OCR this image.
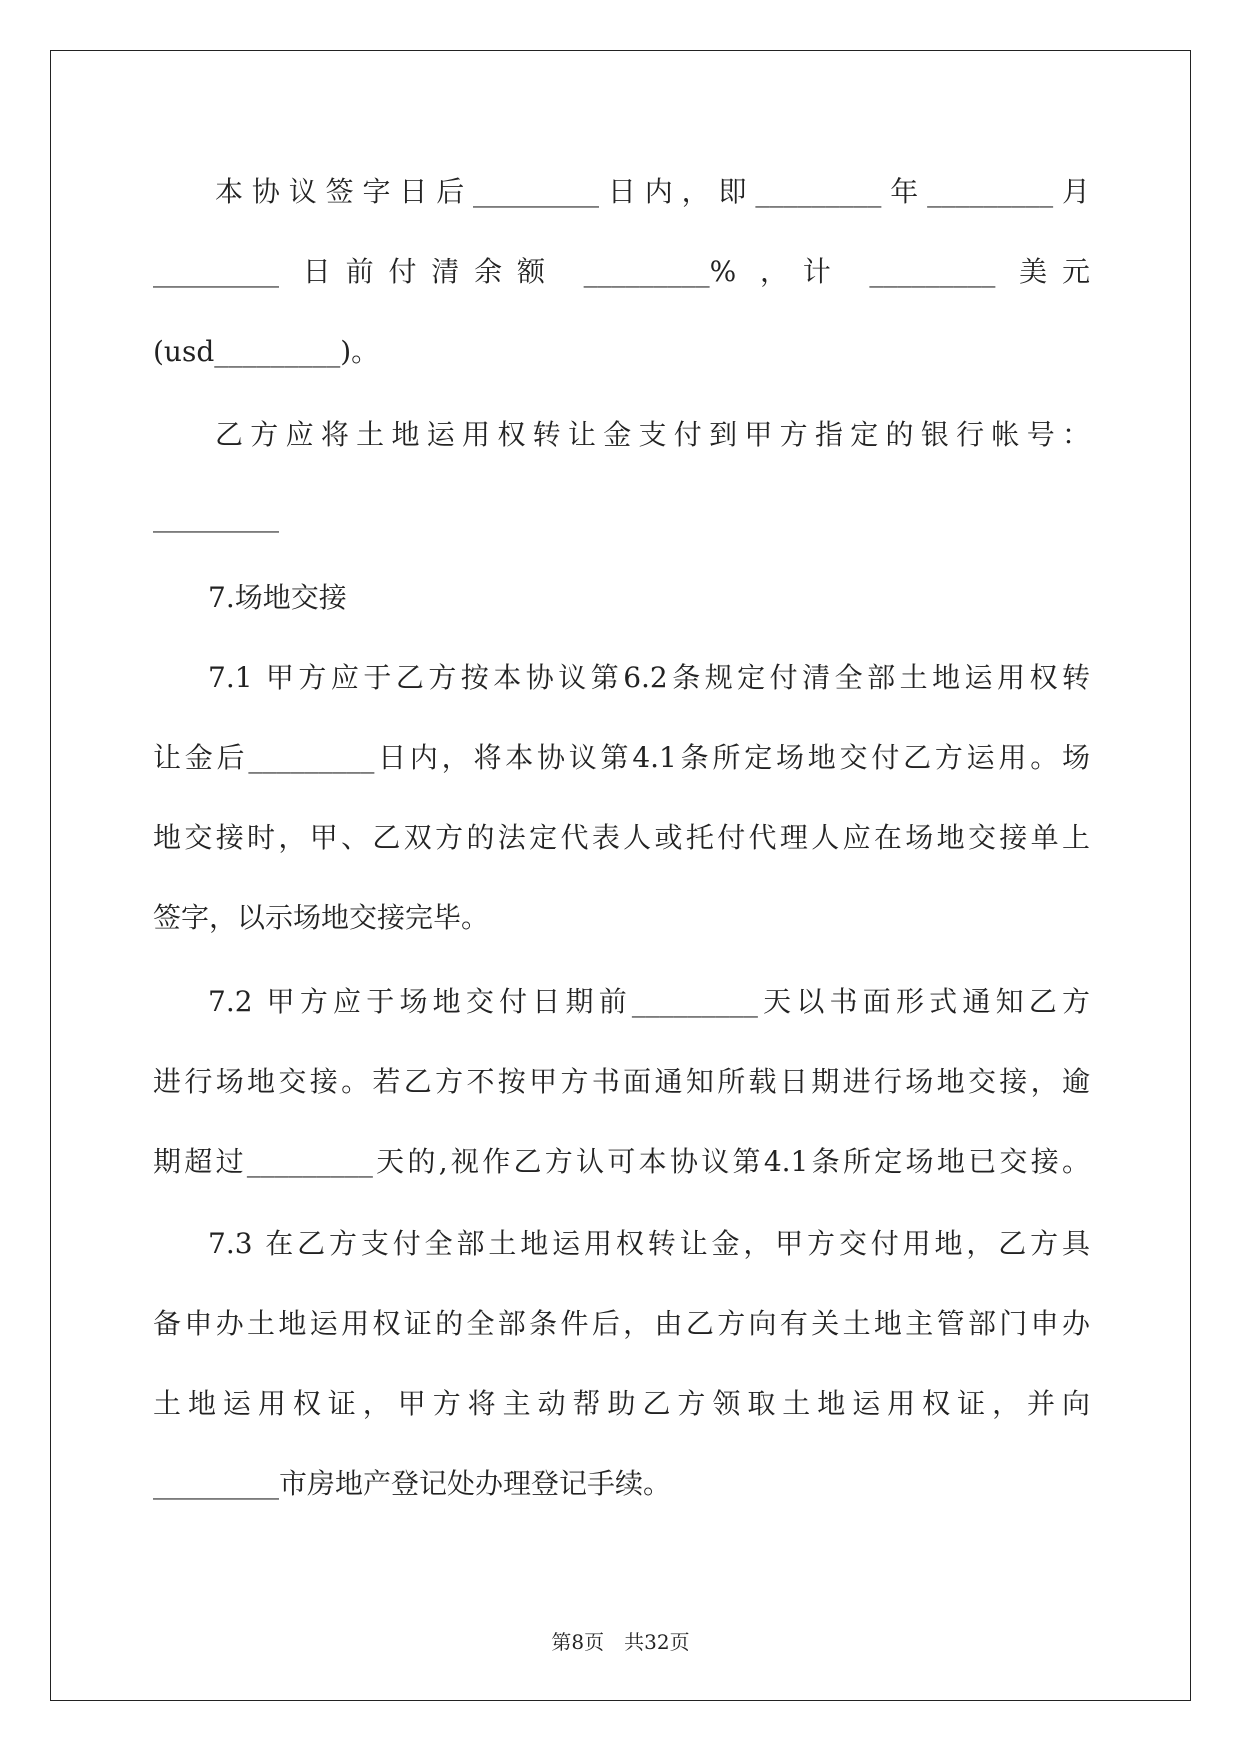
本协议签字日后_________日内，即_________年_________月
_________ 日前付清余额 _________% ，计 _________ 美元
(usd_________)。
乙方应将土地运用权转让金支付到甲方指定的银行帐号：
_________
7.场地交接
7.1 甲方应于乙方按本协议第6.2条规定付清全部土地运用权转
让金后_________日内，将本协议第4.1条所定场地交付乙方运用。场
地交接时，甲、乙双方的法定代表人或托付代理人应在场地交接单上
签字，以示场地交接完毕。
7.2 甲方应于场地交付日期前_________天以书面形式通知乙方
进行场地交接。若乙方不按甲方书面通知所载日期进行场地交接，逾
期超过_________天的,视作乙方认可本协议第4.1条所定场地已交接。
7.3 在乙方支付全部土地运用权转让金，甲方交付用地，乙方具
备申办土地运用权证的全部条件后，由乙方向有关土地主管部门申办
土地运用权证，甲方将主动帮助乙方领取土地运用权证，并向
_________市房地产登记处办理登记手续。
第8页　共32页
